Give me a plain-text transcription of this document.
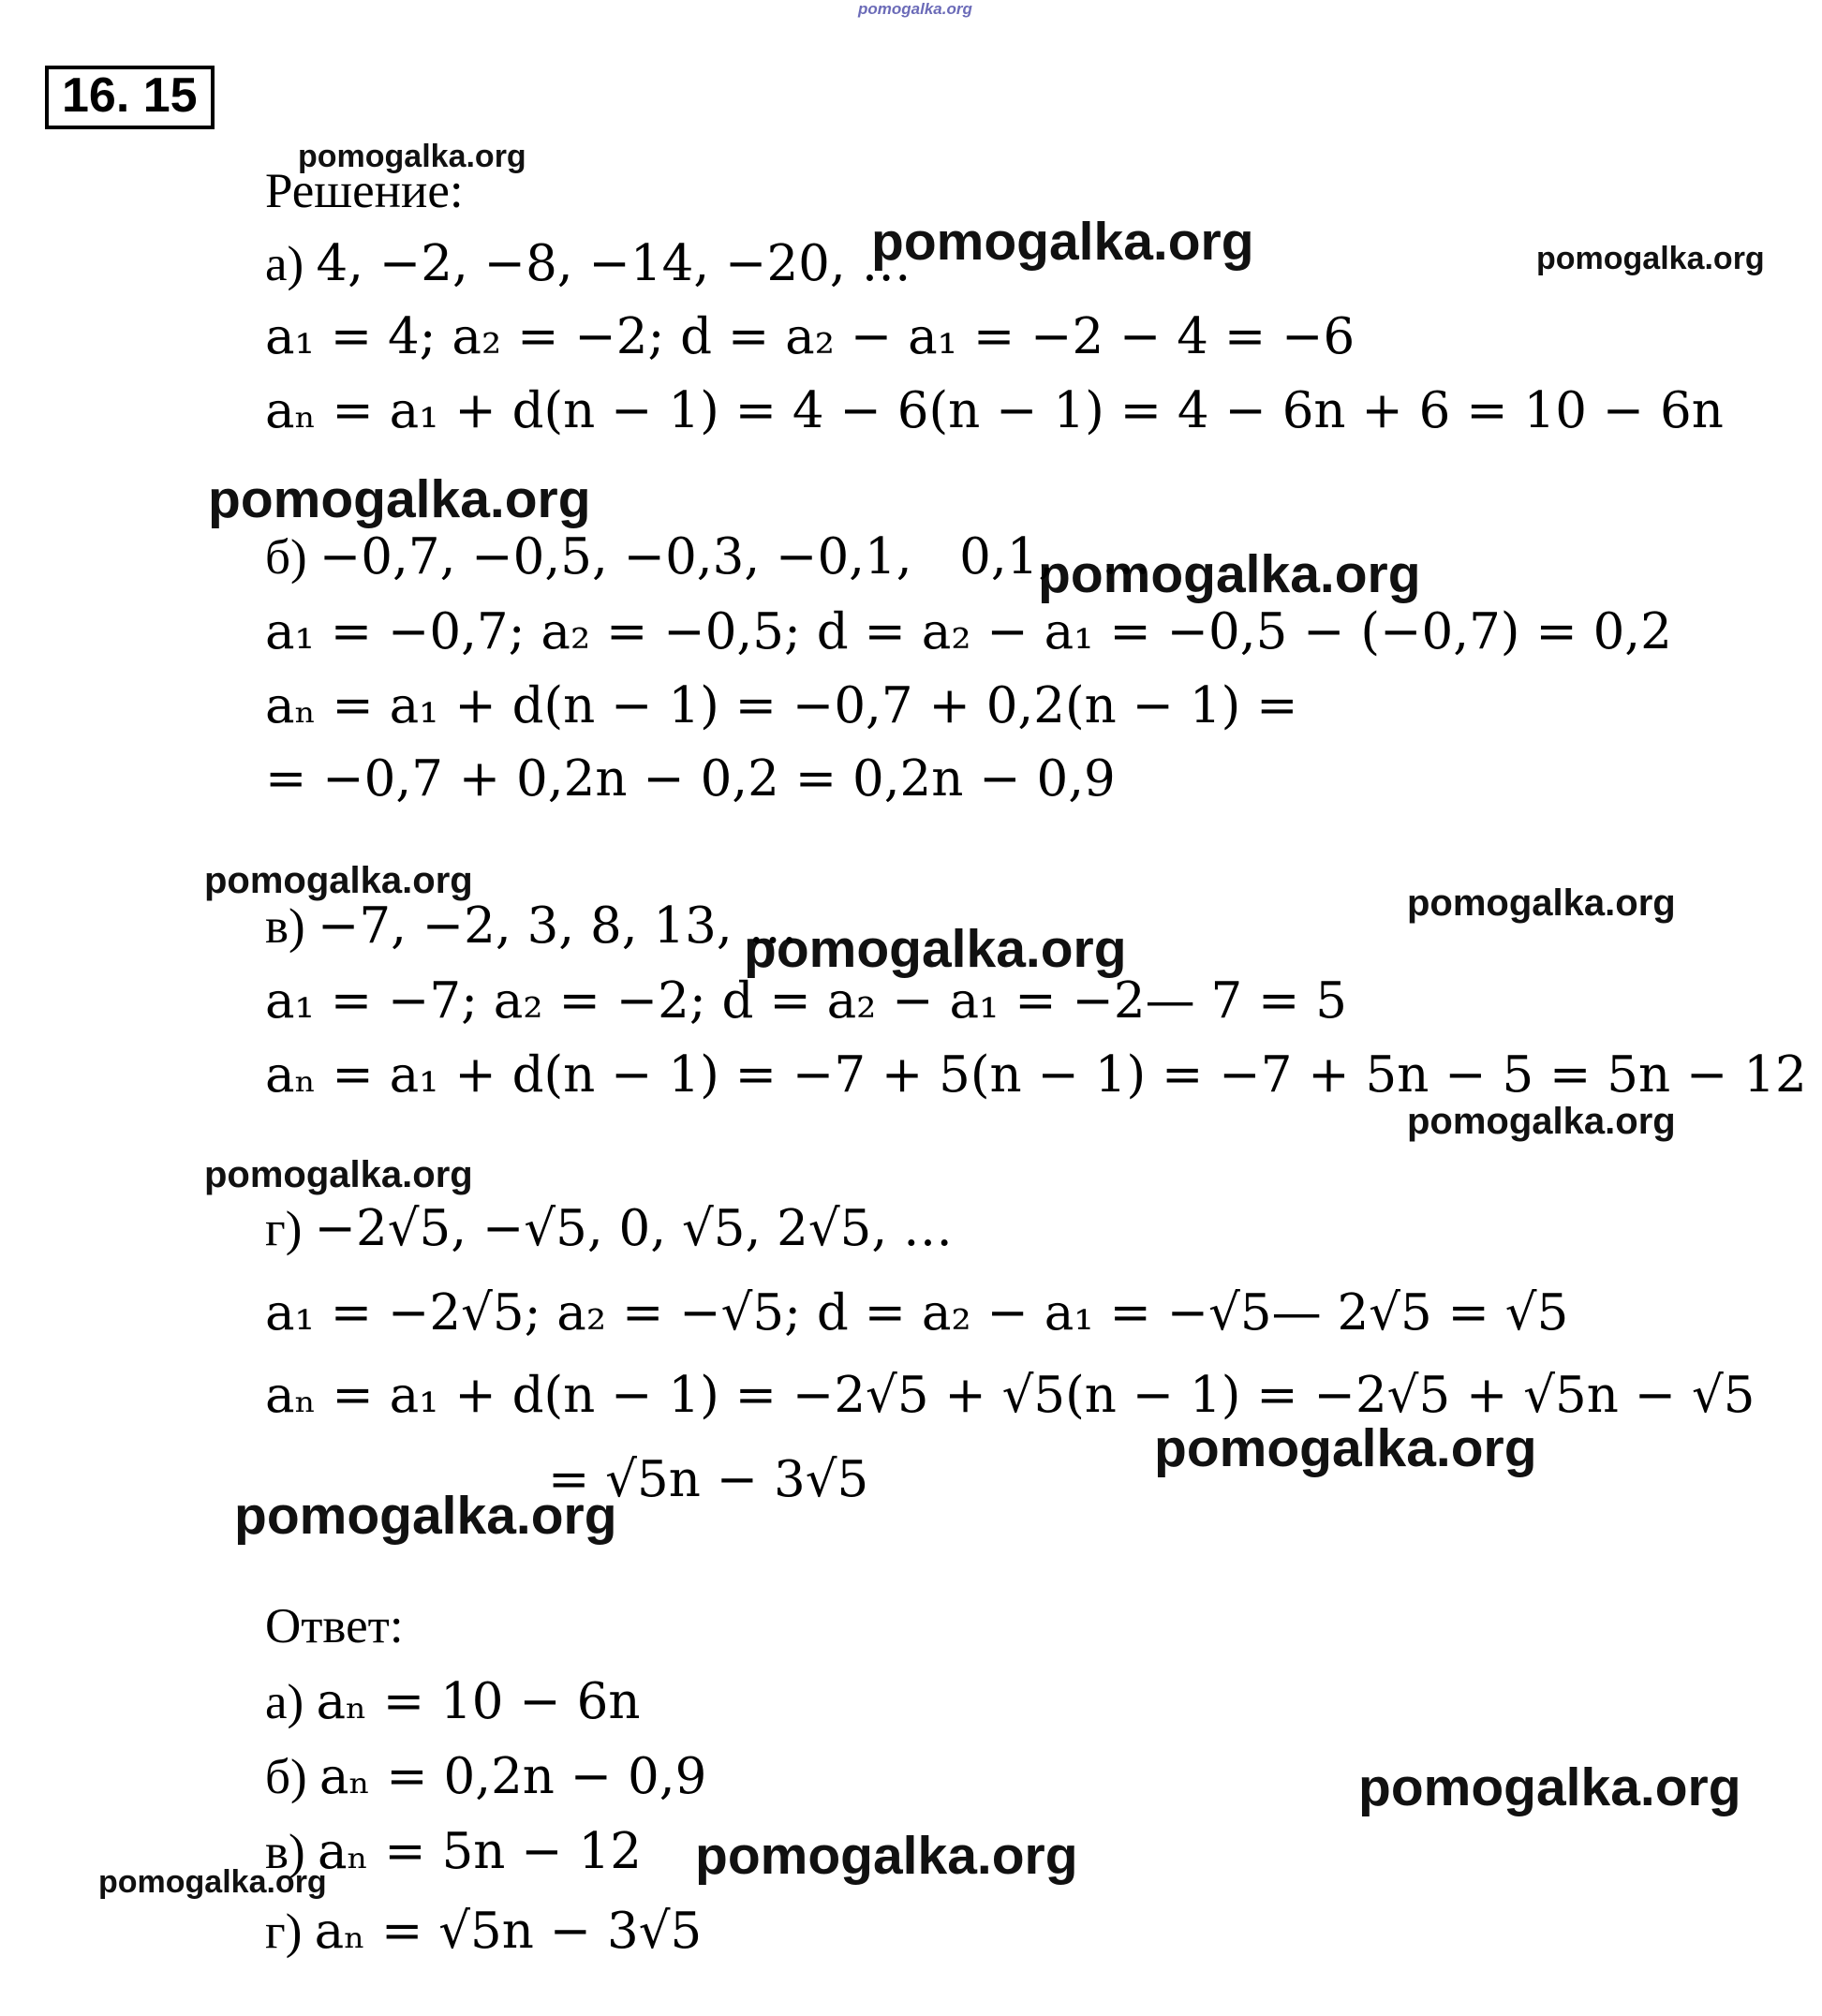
pomogalka.org
16. 15
pomogalka.org
pomogalka.org	pomogalka.org
pomogalka.org
pomogalka.org
pomogalka.org
pomogalka.org
pomogalka.org
pomogalka.org
pomogalka.org
pomogalka.org
pomogalka.org
pomogalka.org
pomogalka.org
pomogalka.org
Решение:
а) 4, −2, −8, −14, −20, …
a₁ = 4; a₂ = −2; d = a₂ − a₁ = −2 − 4 = −6
aₙ = a₁ + d(n − 1) = 4 − 6(n − 1) = 4 − 6n + 6 = 10 − 6n
б) −0,7, −0,5, −0,3, −0,1,   0,1,   …
a₁ = −0,7; a₂ = −0,5; d = a₂ − a₁ = −0,5 − (−0,7) = 0,2
aₙ = a₁ + d(n − 1) = −0,7 + 0,2(n − 1) =
= −0,7 + 0,2n − 0,2 = 0,2n − 0,9
в) −7, −2, 3, 8, 13, …
a₁ = −7; a₂ = −2; d = a₂ − a₁ = −2— 7 = 5
aₙ = a₁ + d(n − 1) = −7 + 5(n − 1) = −7 + 5n − 5 = 5n − 12
г) −2√5, −√5, 0, √5, 2√5, …
a₁ = −2√5; a₂ = −√5; d = a₂ − a₁ = −√5— 2√5 = √5
aₙ = a₁ + d(n − 1) = −2√5 + √5(n − 1) = −2√5 + √5n − √5
= √5n − 3√5
Ответ:
а) aₙ = 10 − 6n
б) aₙ = 0,2n − 0,9
в) aₙ = 5n − 12
г) aₙ = √5n − 3√5
